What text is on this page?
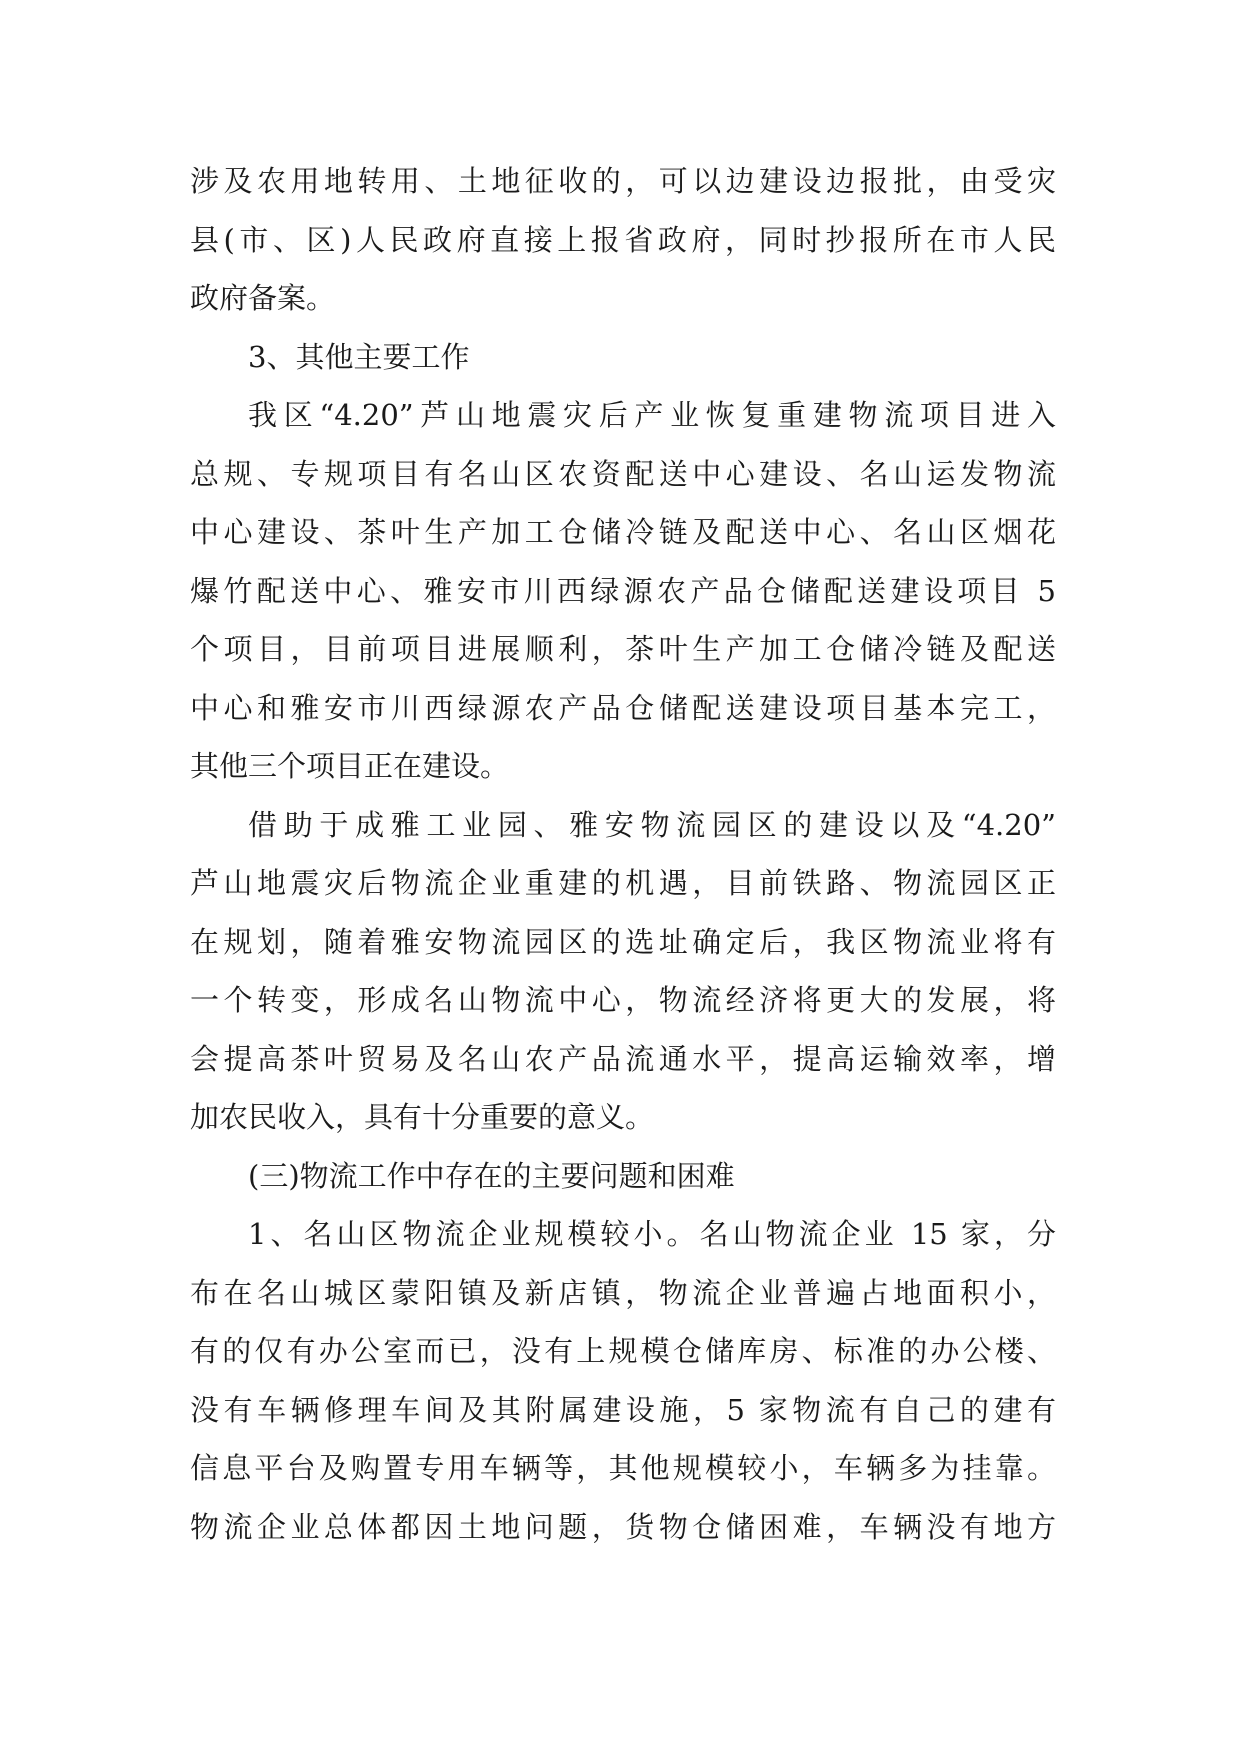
涉及农用地转用、土地征收的，可以边建设边报批，由受灾
县(市、区)人民政府直接上报省政府，同时抄报所在市人民
政府备案。
3、其他主要工作
我区“4.20”芦山地震灾后产业恢复重建物流项目进入
总规、专规项目有名山区农资配送中心建设、名山运发物流
中心建设、茶叶生产加工仓储冷链及配送中心、名山区烟花
爆竹配送中心、雅安市川西绿源农产品仓储配送建设项目 5
个项目，目前项目进展顺利，茶叶生产加工仓储冷链及配送
中心和雅安市川西绿源农产品仓储配送建设项目基本完工，
其他三个项目正在建设。
借助于成雅工业园、雅安物流园区的建设以及“4.20”
芦山地震灾后物流企业重建的机遇，目前铁路、物流园区正
在规划，随着雅安物流园区的选址确定后，我区物流业将有
一个转变，形成名山物流中心，物流经济将更大的发展，将
会提高茶叶贸易及名山农产品流通水平，提高运输效率，增
加农民收入，具有十分重要的意义。
(三)物流工作中存在的主要问题和困难
1、名山区物流企业规模较小。名山物流企业 15 家，分
布在名山城区蒙阳镇及新店镇，物流企业普遍占地面积小，
有的仅有办公室而已，没有上规模仓储库房、标准的办公楼、
没有车辆修理车间及其附属建设施，5 家物流有自己的建有
信息平台及购置专用车辆等，其他规模较小，车辆多为挂靠。
物流企业总体都因土地问题，货物仓储困难，车辆没有地方
